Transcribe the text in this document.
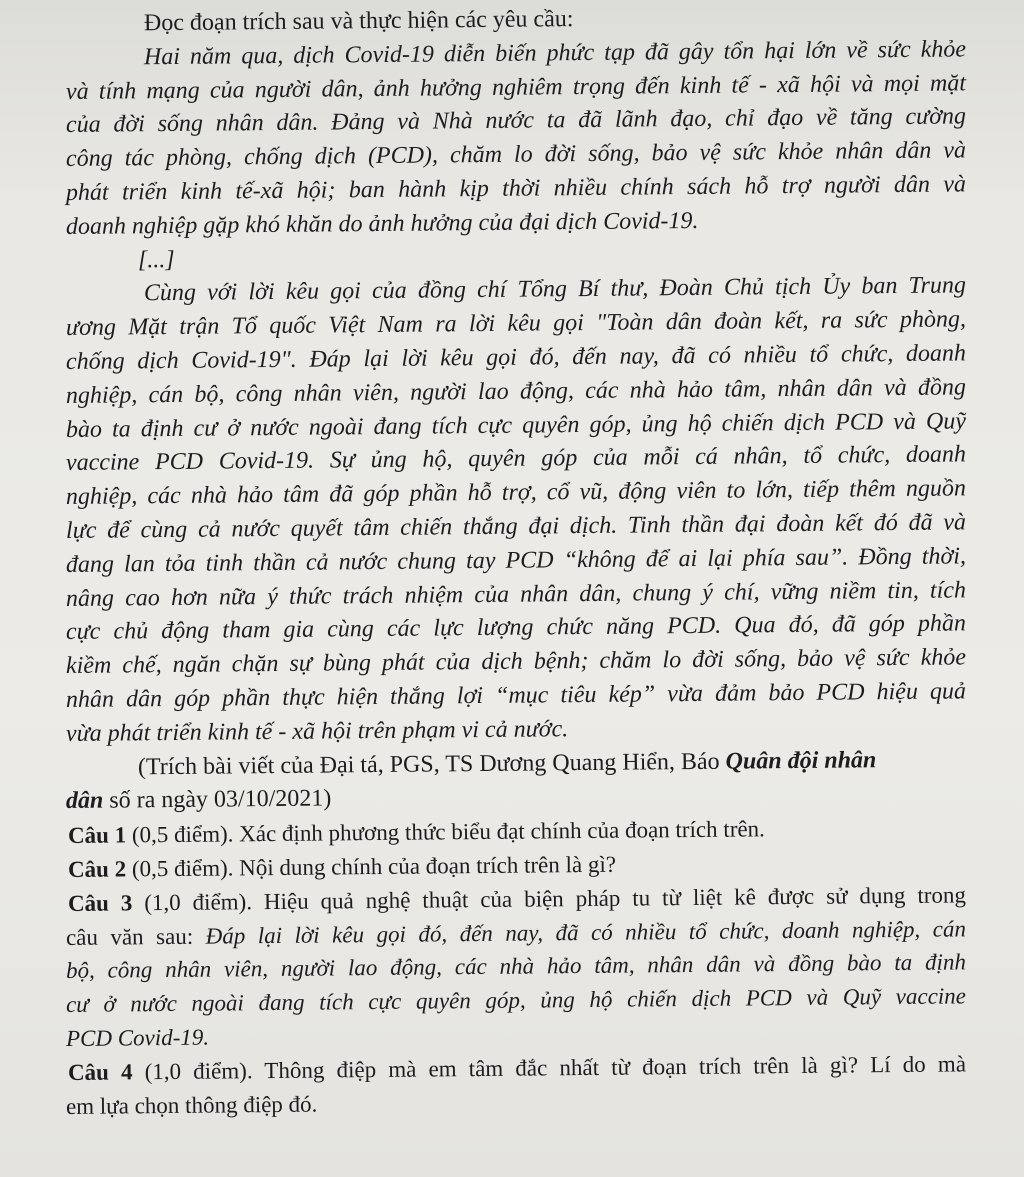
Đọc đoạn trích sau và thực hiện các yêu cầu:
Hai năm qua, dịch Covid-19 diễn biến phức tạp đã gây tổn hại lớn về sức khỏe
và tính mạng của người dân, ảnh hưởng nghiêm trọng đến kinh tế - xã hội và mọi mặt
của đời sống nhân dân. Đảng và Nhà nước ta đã lãnh đạo, chỉ đạo về tăng cường
công tác phòng, chống dịch (PCD), chăm lo đời sống, bảo vệ sức khỏe nhân dân và
phát triển kinh tế-xã hội; ban hành kịp thời nhiều chính sách hỗ trợ người dân và
doanh nghiệp gặp khó khăn do ảnh hưởng của đại dịch Covid-19.
[...]
Cùng với lời kêu gọi của đồng chí Tổng Bí thư, Đoàn Chủ tịch Ủy ban Trung
ương Mặt trận Tổ quốc Việt Nam ra lời kêu gọi "Toàn dân đoàn kết, ra sức phòng,
chống dịch Covid-19". Đáp lại lời kêu gọi đó, đến nay, đã có nhiều tổ chức, doanh
nghiệp, cán bộ, công nhân viên, người lao động, các nhà hảo tâm, nhân dân và đồng
bào ta định cư ở nước ngoài đang tích cực quyên góp, ủng hộ chiến dịch PCD và Quỹ
vaccine PCD Covid-19. Sự ủng hộ, quyên góp của mỗi cá nhân, tổ chức, doanh
nghiệp, các nhà hảo tâm đã góp phần hỗ trợ, cổ vũ, động viên to lớn, tiếp thêm nguồn
lực để cùng cả nước quyết tâm chiến thắng đại dịch. Tinh thần đại đoàn kết đó đã và
đang lan tỏa tinh thần cả nước chung tay PCD “không để ai lại phía sau”. Đồng thời,
nâng cao hơn nữa ý thức trách nhiệm của nhân dân, chung ý chí, vững niềm tin, tích
cực chủ động tham gia cùng các lực lượng chức năng PCD. Qua đó, đã góp phần
kiềm chế, ngăn chặn sự bùng phát của dịch bệnh; chăm lo đời sống, bảo vệ sức khỏe
nhân dân góp phần thực hiện thắng lợi “mục tiêu kép” vừa đảm bảo PCD hiệu quả
vừa phát triển kinh tế - xã hội trên phạm vi cả nước.
(Trích bài viết của Đại tá, PGS, TS Dương Quang Hiển, Báo Quân đội nhân
dân số ra ngày 03/10/2021)
Câu 1 (0,5 điểm). Xác định phương thức biểu đạt chính của đoạn trích trên.
Câu 2 (0,5 điểm). Nội dung chính của đoạn trích trên là gì?
Câu 3 (1,0 điểm). Hiệu quả nghệ thuật của biện pháp tu từ liệt kê được sử dụng trong
câu văn sau: Đáp lại lời kêu gọi đó, đến nay, đã có nhiều tổ chức, doanh nghiệp, cán
bộ, công nhân viên, người lao động, các nhà hảo tâm, nhân dân và đồng bào ta định
cư ở nước ngoài đang tích cực quyên góp, ủng hộ chiến dịch PCD và Quỹ vaccine
PCD Covid-19.
Câu 4 (1,0 điểm). Thông điệp mà em tâm đắc nhất từ đoạn trích trên là gì? Lí do mà
em lựa chọn thông điệp đó.
